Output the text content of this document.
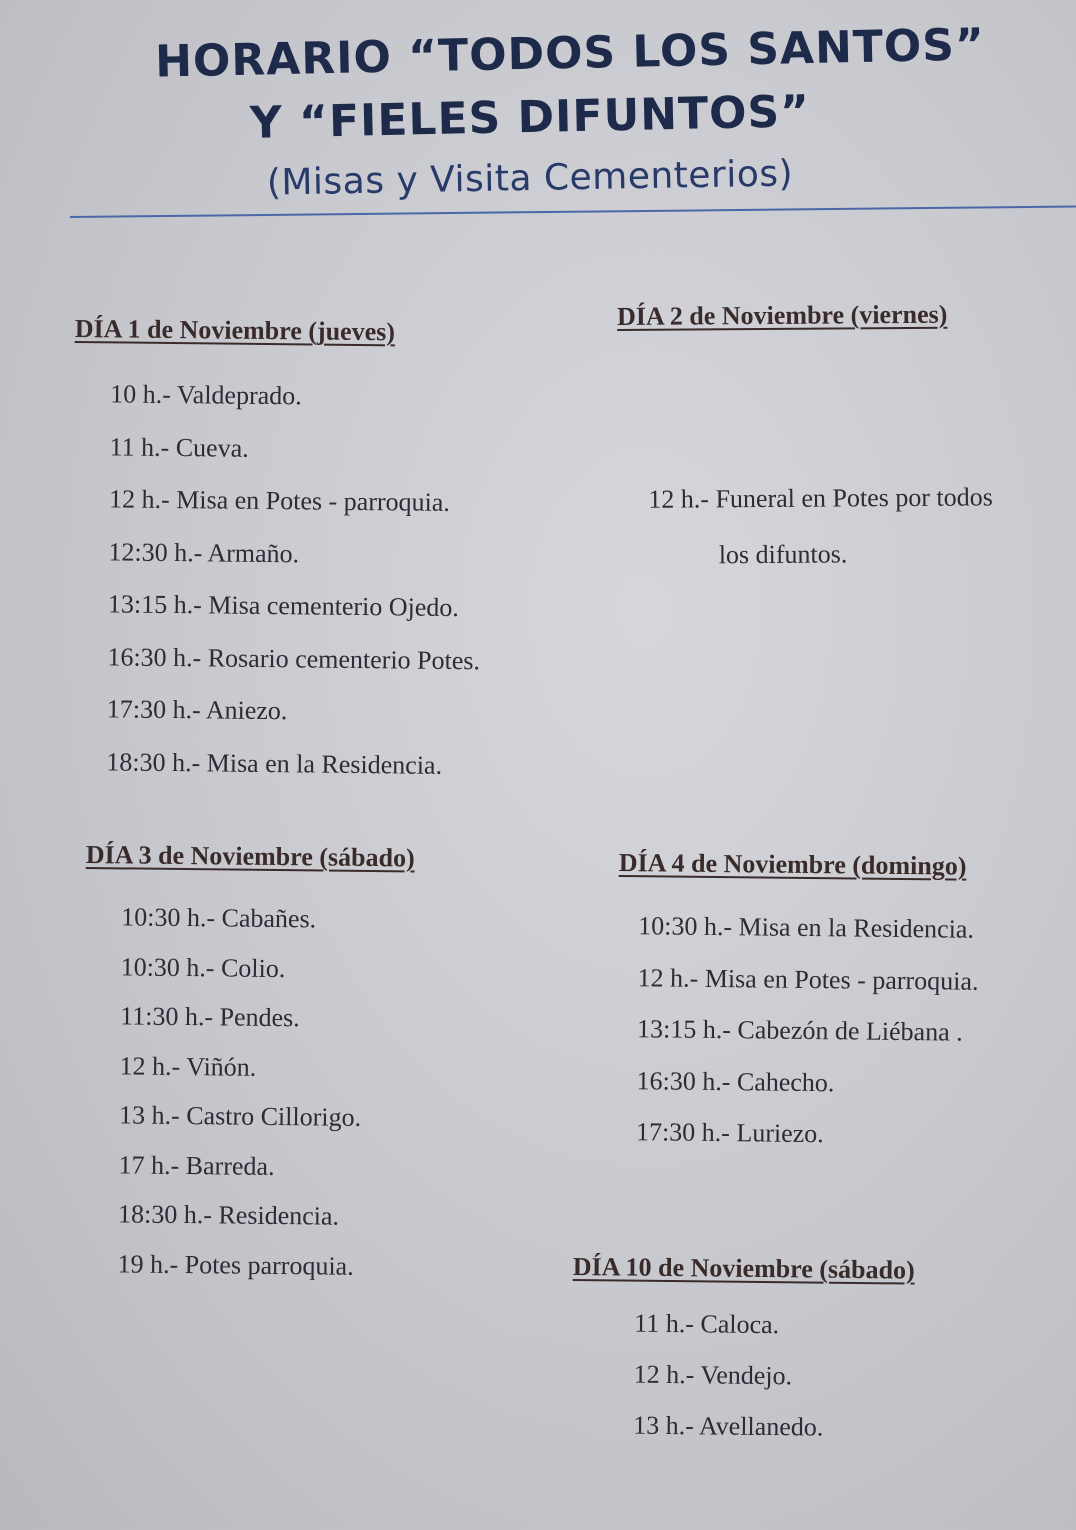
HORARIO “TODOS LOS SANTOS”
Y “FIELES DIFUNTOS”
(Misas y Visita Cementerios)
DÍA 1 de Noviembre (jueves)
10 h.- Valdeprado.
11 h.- Cueva.
12 h.- Misa en Potes - parroquia.
12:30 h.- Armaño.
13:15 h.- Misa cementerio Ojedo.
16:30 h.- Rosario cementerio Potes.
17:30 h.- Aniezo.
18:30 h.- Misa en la Residencia.
DÍA 2 de Noviembre (viernes)
12 h.- Funeral en Potes por todos
los difuntos.
DÍA 3 de Noviembre (sábado)
10:30 h.- Cabañes.
10:30 h.- Colio.
11:30 h.- Pendes.
12 h.- Viñón.
13 h.- Castro Cillorigo.
17 h.- Barreda.
18:30 h.- Residencia.
19 h.- Potes parroquia.
DÍA 4 de Noviembre (domingo)
10:30 h.- Misa en la Residencia.
12 h.- Misa en Potes - parroquia.
13:15 h.- Cabezón de Liébana .
16:30 h.- Cahecho.
17:30 h.- Luriezo.
DÍA 10 de Noviembre (sábado)
11 h.- Caloca.
12 h.- Vendejo.
13 h.- Avellanedo.
